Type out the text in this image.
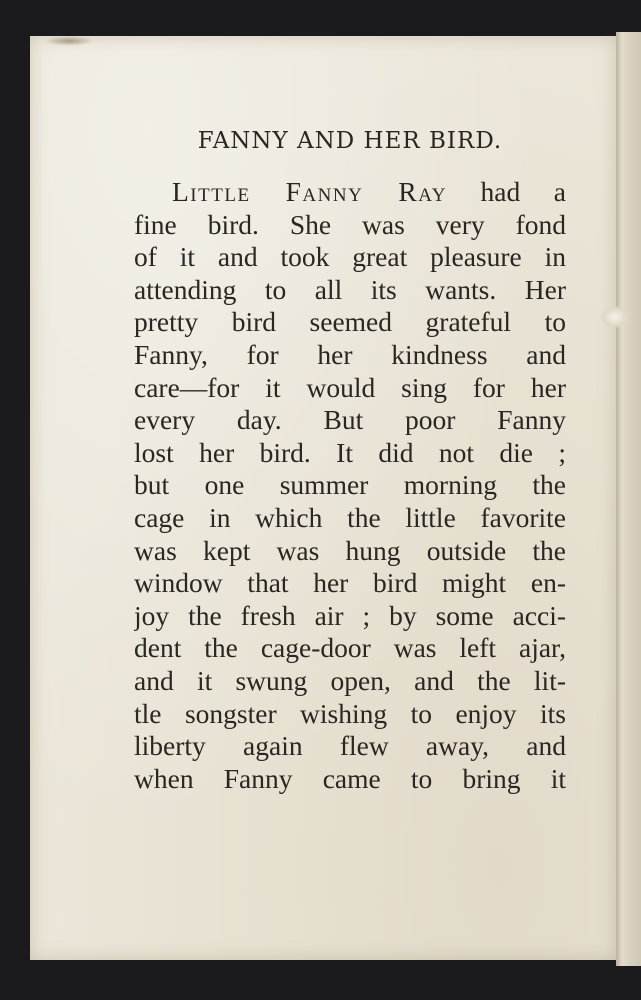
FANNY AND HER BIRD.
Little Fanny Ray had a
fine bird. She was very fond
of it and took great pleasure in
attending to all its wants. Her
pretty bird seemed grateful to
Fanny, for her kindness and
care—for it would sing for her
every day. But poor Fanny
lost her bird. It did not die ;
but one summer morning the
cage in which the little favorite
was kept was hung outside the
window that her bird might en-
joy the fresh air ; by some acci-
dent the cage-door was left ajar,
and it swung open, and the lit-
tle songster wishing to enjoy its
liberty again flew away, and
when Fanny came to bring it
